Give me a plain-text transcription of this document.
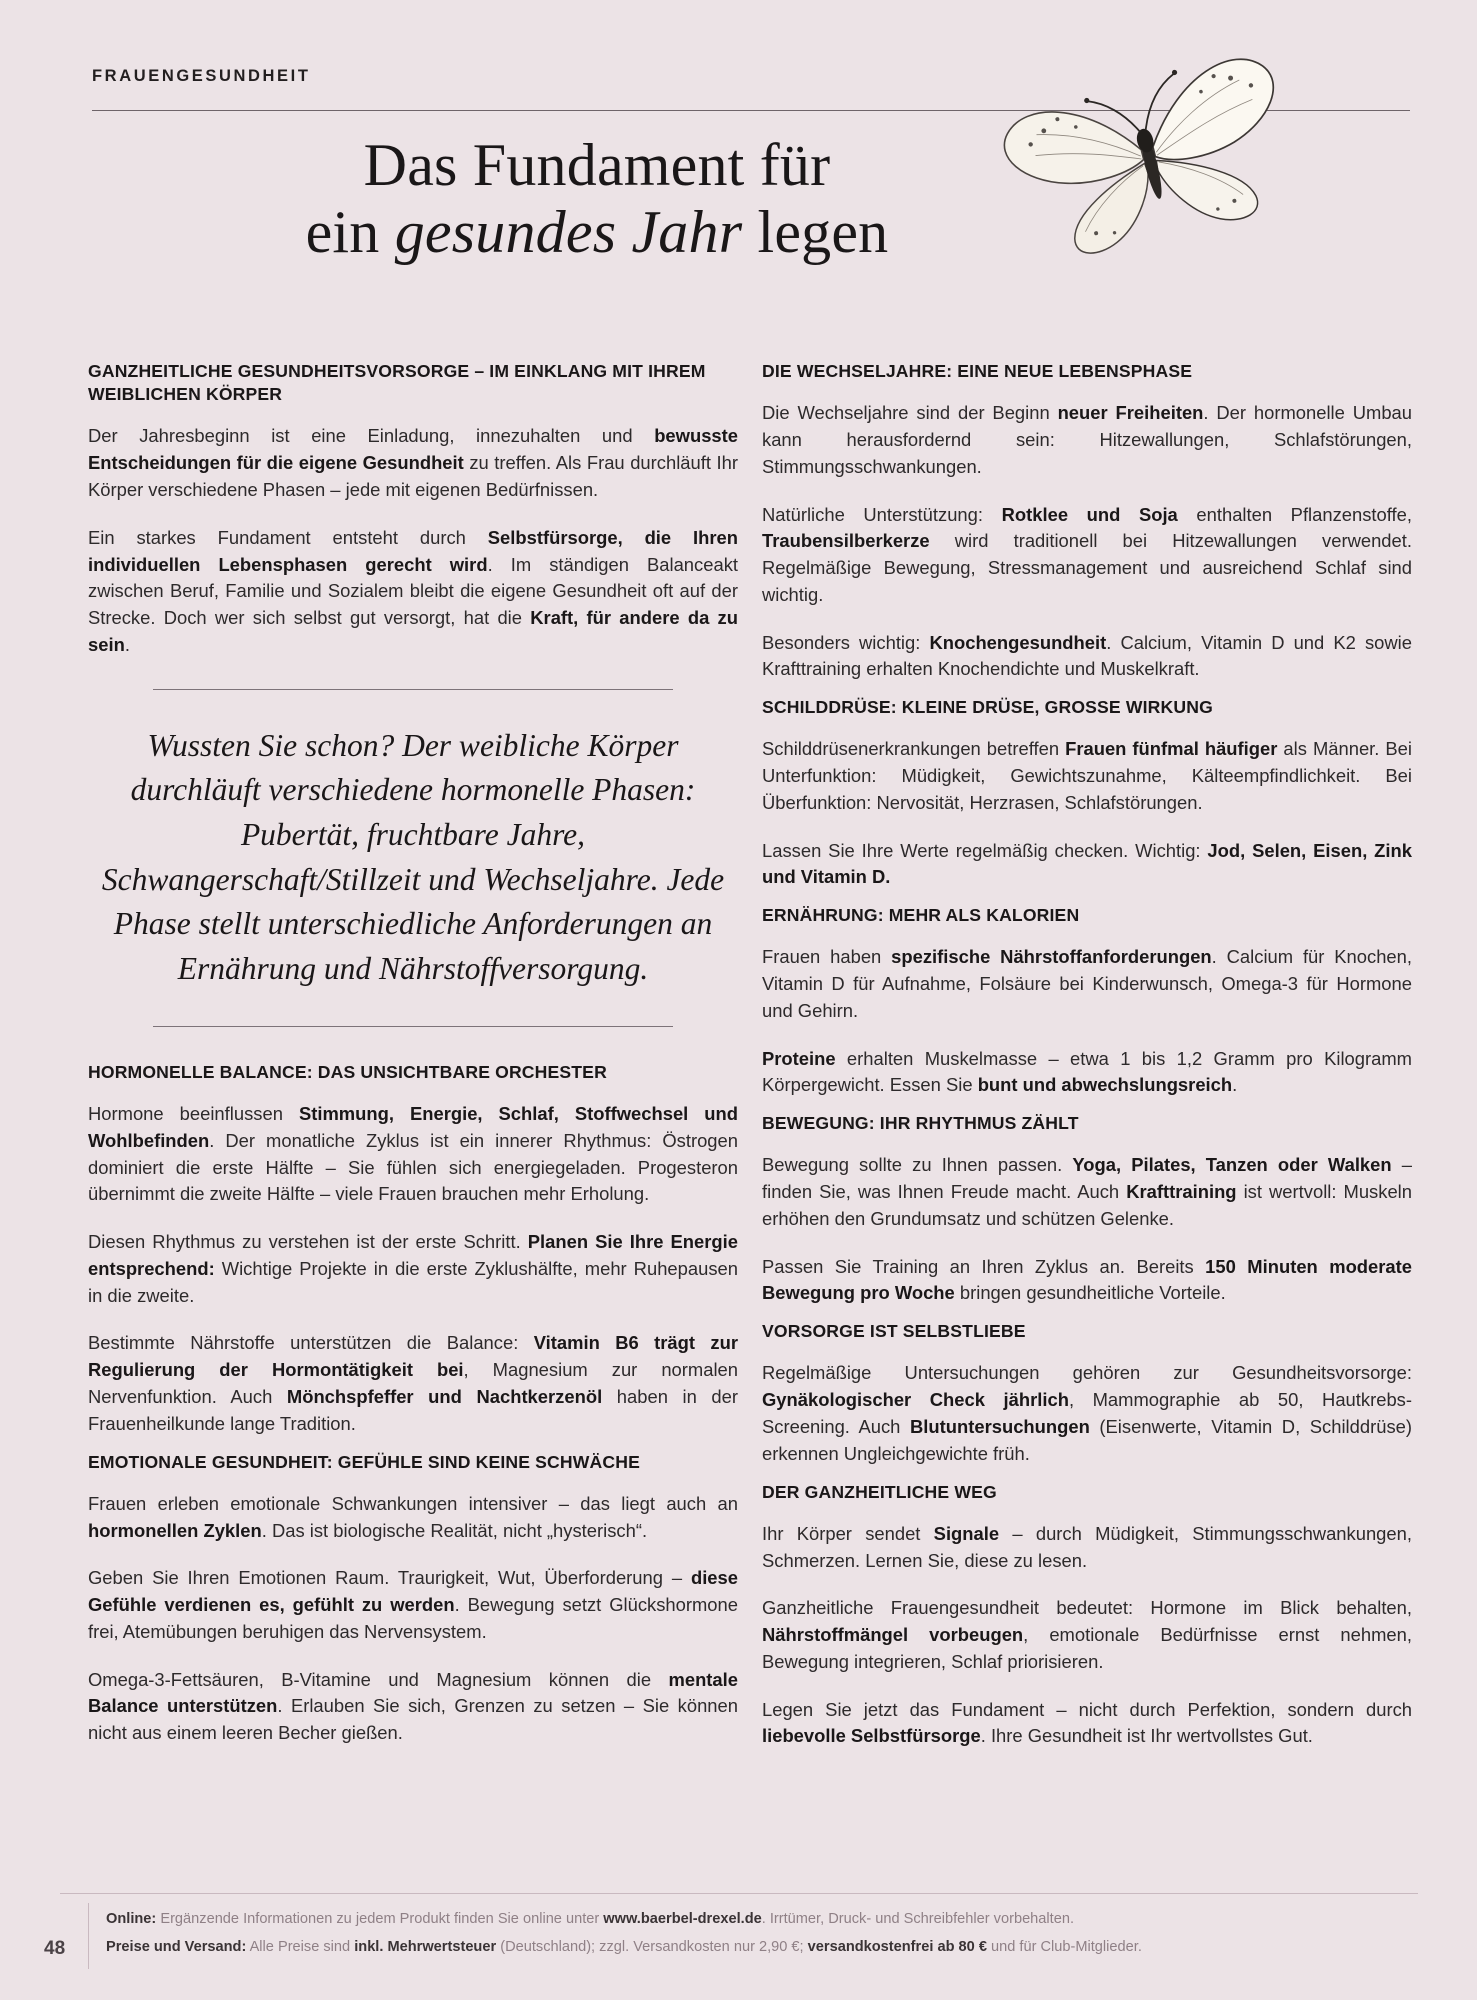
FRAUENGESUNDHEIT
Das Fundament für
ein gesundes Jahr legen
GANZHEITLICHE GESUNDHEITSVORSORGE – IM EINKLANG MIT IHREM WEIBLICHEN KÖRPER

Der Jahresbeginn ist eine Einladung, innezuhalten und bewusste Entscheidungen für die eigene Gesundheit zu treffen. Als Frau durchläuft Ihr Körper verschiedene Phasen – jede mit eigenen Bedürfnissen.

Ein starkes Fundament entsteht durch Selbstfürsorge, die Ihren individuellen Lebensphasen gerecht wird. Im ständigen Balanceakt zwischen Beruf, Familie und Sozialem bleibt die eigene Gesundheit oft auf der Strecke. Doch wer sich selbst gut versorgt, hat die Kraft, für andere da zu sein.

Wussten Sie schon? Der weibliche Körper durchläuft verschiedene hormonelle Phasen: Pubertät, fruchtbare Jahre, Schwangerschaft/Stillzeit und Wechseljahre. Jede Phase stellt unterschiedliche Anforderungen an Ernährung und Nährstoffversorgung.
HORMONELLE BALANCE: DAS UNSICHTBARE ORCHESTER

Hormone beeinflussen Stimmung, Energie, Schlaf, Stoffwechsel und Wohlbefinden. Der monatliche Zyklus ist ein innerer Rhythmus: Östrogen dominiert die erste Hälfte – Sie fühlen sich energiegeladen. Progesteron übernimmt die zweite Hälfte – viele Frauen brauchen mehr Erholung.

Diesen Rhythmus zu verstehen ist der erste Schritt. Planen Sie Ihre Energie entsprechend: Wichtige Projekte in die erste Zyklushälfte, mehr Ruhepausen in die zweite.

Bestimmte Nährstoffe unterstützen die Balance: Vitamin B6 trägt zur Regulierung der Hormontätigkeit bei, Magnesium zur normalen Nervenfunktion. Auch Mönchspfeffer und Nachtkerzenöl haben in der Frauenheilkunde lange Tradition.

EMOTIONALE GESUNDHEIT: GEFÜHLE SIND KEINE SCHWÄCHE

Frauen erleben emotionale Schwankungen intensiver – das liegt auch an hormonellen Zyklen. Das ist biologische Realität, nicht „hysterisch“.

Geben Sie Ihren Emotionen Raum. Traurigkeit, Wut, Überforderung – diese Gefühle verdienen es, gefühlt zu werden. Bewegung setzt Glückshormone frei, Atemübungen beruhigen das Nervensystem.

Omega-3-Fettsäuren, B-Vitamine und Magnesium können die mentale Balance unterstützen. Erlauben Sie sich, Grenzen zu setzen – Sie können nicht aus einem leeren Becher gießen.

DIE WECHSELJAHRE: EINE NEUE LEBENSPHASE

Die Wechseljahre sind der Beginn neuer Freiheiten. Der hormonelle Umbau kann herausfordernd sein: Hitzewallungen, Schlafstörungen, Stimmungsschwankungen.

Natürliche Unterstützung: Rotklee und Soja enthalten Pflanzenstoffe, Traubensilberkerze wird traditionell bei Hitzewallungen verwendet. Regelmäßige Bewegung, Stressmanagement und ausreichend Schlaf sind wichtig.

Besonders wichtig: Knochengesundheit. Calcium, Vitamin D und K2 sowie Krafttraining erhalten Knochendichte und Muskelkraft.

SCHILDDRÜSE: KLEINE DRÜSE, GROSSE WIRKUNG

Schilddrüsenerkrankungen betreffen Frauen fünfmal häufiger als Männer. Bei Unterfunktion: Müdigkeit, Gewichtszunahme, Kälteempfindlichkeit. Bei Überfunktion: Nervosität, Herzrasen, Schlafstörungen.

Lassen Sie Ihre Werte regelmäßig checken. Wichtig: Jod, Selen, Eisen, Zink und Vitamin D.

ERNÄHRUNG: MEHR ALS KALORIEN

Frauen haben spezifische Nährstoffanforderungen. Calcium für Knochen, Vitamin D für Aufnahme, Folsäure bei Kinderwunsch, Omega-3 für Hormone und Gehirn.

Proteine erhalten Muskelmasse – etwa 1 bis 1,2 Gramm pro Kilogramm Körpergewicht. Essen Sie bunt und abwechslungsreich.

BEWEGUNG: IHR RHYTHMUS ZÄHLT

Bewegung sollte zu Ihnen passen. Yoga, Pilates, Tanzen oder Walken – finden Sie, was Ihnen Freude macht. Auch Krafttraining ist wertvoll: Muskeln erhöhen den Grundumsatz und schützen Gelenke.

Passen Sie Training an Ihren Zyklus an. Bereits 150 Minuten moderate Bewegung pro Woche bringen gesundheitliche Vorteile.

VORSORGE IST SELBSTLIEBE

Regelmäßige Untersuchungen gehören zur Gesundheitsvorsorge: Gynäkologischer Check jährlich, Mammographie ab 50, Hautkrebs-Screening. Auch Blutuntersuchungen (Eisenwerte, Vitamin D, Schilddrüse) erkennen Ungleichgewichte früh.

DER GANZHEITLICHE WEG

Ihr Körper sendet Signale – durch Müdigkeit, Stimmungsschwankungen, Schmerzen. Lernen Sie, diese zu lesen.

Ganzheitliche Frauengesundheit bedeutet: Hormone im Blick behalten, Nährstoffmängel vorbeugen, emotionale Bedürfnisse ernst nehmen, Bewegung integrieren, Schlaf priorisieren.

Legen Sie jetzt das Fundament – nicht durch Perfektion, sondern durch liebevolle Selbstfürsorge. Ihre Gesundheit ist Ihr wertvollstes Gut.

48
Online: Ergänzende Informationen zu jedem Produkt finden Sie online unter www.baerbel-drexel.de. Irrtümer, Druck- und Schreibfehler vorbehalten.
Preise und Versand: Alle Preise sind inkl. Mehrwertsteuer (Deutschland); zzgl. Versandkosten nur 2,90 €; versandkostenfrei ab 80 € und für Club-Mitglieder.
